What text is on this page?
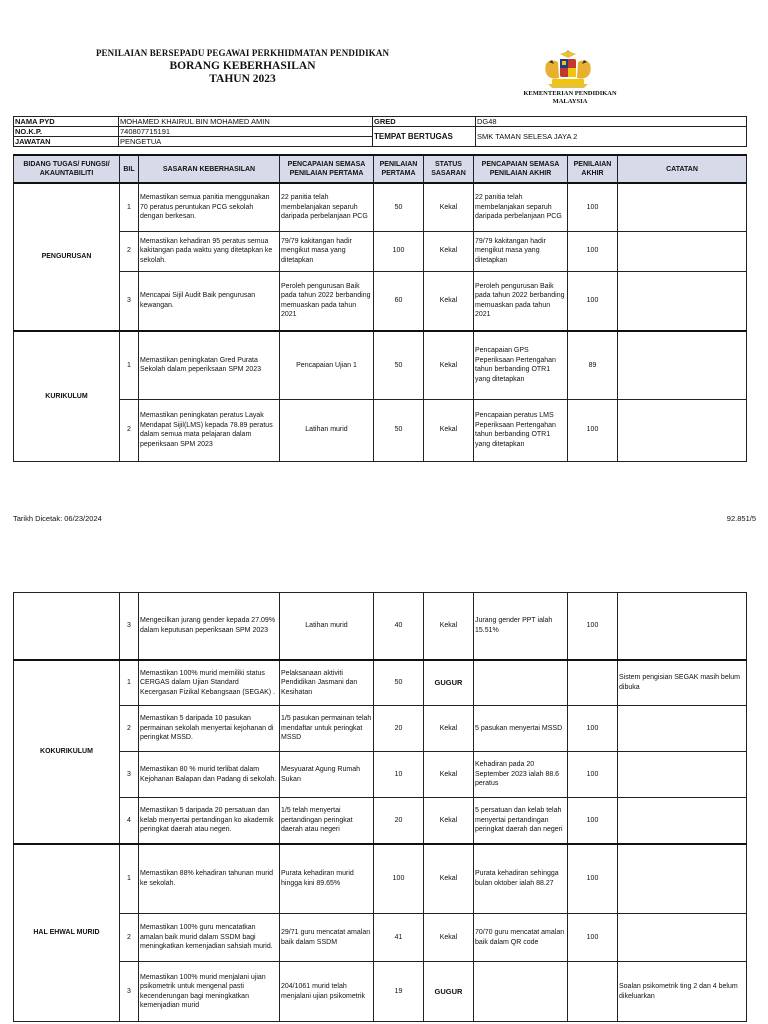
PENILAIAN BERSEPADU PEGAWAI PERKHIDMATAN PENDIDIKAN
BORANG KEBERHASILAN
TAHUN 2023
KEMENTERIAN PENDIDIKAN
MALAYSIA
NAMA PYD	MOHAMED KHAIRUL BIN MOHAMED AMIN	GRED	DG48
NO.K.P.	740807715191	TEMPAT BERTUGAS	SMK TAMAN SELESA JAYA 2
JAWATAN	PENGETUA		
BIDANG TUGAS/ FUNGSI/ AKAUNTABILITI	BIL	SASARAN KEBERHASILAN	PENCAPAIAN SEMASA PENILAIAN PERTAMA	PENILAIAN PERTAMA	STATUS SASARAN	PENCAPAIAN SEMASA PENILAIAN AKHIR	PENILAIAN AKHIR	CATATAN
PENGURUSAN	1	Memastikan semua panitia menggunakan 70 peratus peruntukan PCG sekolah dengan berkesan.	22 panitia telah membelanjakan separuh daripada perbelanjaan PCG	50	Kekal	22 panitia telah membelanjakan separuh daripada perbelanjaan PCG	100	
	2	Memastikan kehadiran 95 peratus semua kakitangan pada waktu yang ditetapkan ke sekolah.	79/79 kakitangan hadir mengikut masa yang ditetapkan	100	Kekal	79/79 kakitangan hadir mengikut masa yang ditetapkan	100	
	3	Mencapai Sijil Audit Baik pengurusan kewangan.	Peroleh pengurusan Baik pada tahun 2022 berbanding memuaskan pada tahun 2021	60	Kekal	Peroleh pengurusan Baik pada tahun 2022 berbanding memuaskan pada tahun 2021	100	
KURIKULUM	1	Memastikan peningkatan Gred Purata Sekolah dalam peperiksaan SPM 2023	Pencapaian Ujian 1	50	Kekal	Pencapaian GPS Peperiksaan Pertengahan tahun berbanding OTR1 yang ditetapkan	89	
	2	Memastikan peningkatan peratus Layak Mendapat Sijil(LMS) kepada 78.89 peratus dalam semua mata pelajaran dalam peperiksaan SPM 2023	Latihan murid	50	Kekal	Pencapaian peratus LMS Peperiksaan Pertengahan tahun berbanding OTR1 yang ditetapkan	100	
Tarikh Dicetak: 06/23/2024	92.851/5
	3	Mengecilkan jurang gender kepada 27.09% dalam keputusan peperiksaan SPM 2023	Latihan murid	40	Kekal	Jurang gender PPT ialah 15.51%	100	
KOKURIKULUM	1	Memastikan 100% murid memiliki status CERGAS dalam Ujian Standard Kecergasan Fizikal Kebangsaan (SEGAK) .	Pelaksanaan aktiviti Pendidikan Jasmani dan Kesihatan	50	GUGUR			Sistem pengisian SEGAK masih belum dibuka
	2	Memastikan 5 daripada 10 pasukan permainan sekolah menyertai kejohanan di peringkat MSSD.	1/5 pasukan permainan telah mendaftar untuk peringkat MSSD	20	Kekal	5 pasukan menyertai MSSD	100	
	3	Memastikan 80 % murid terlibat dalam Kejohanan Balapan dan Padang di sekolah.	Mesyuarat Agung Rumah Sukan	10	Kekal	Kehadiran pada 20 September 2023 ialah 88.6 peratus	100	
	4	Memastikan 5 daripada 20 persatuan dan kelab menyertai pertandingan ko akademik peringkat daerah atau negeri.	1/5 telah menyertai pertandingan peringkat daerah atau negeri	20	Kekal	5 persatuan dan kelab telah menyertai pertandingan peringkat daerah dan negeri	100	
HAL EHWAL MURID	1	Memastikan 88% kehadiran tahunan murid ke sekolah.	Purata kehadiran murid hingga kini 89.65%	100	Kekal	Purata kehadiran sehingga bulan oktober ialah 88.27	100	
	2	Memastikan 100% guru mencatatkan amalan baik murid dalam SSDM bagi meningkatkan kemenjadian sahsiah murid.	29/71 guru mencatat amalan baik dalam SSDM	41	Kekal	70/70 guru mencatat amalan baik dalam QR code	100	
	3	Memastikan 100% murid menjalani ujian psikometrik untuk mengenal pasti kecenderungan bagi meningkatkan kemenjadian murid	204/1061 murid telah menjalani ujian psikometrik	19	GUGUR			Soalan psikometrik ting 2 dan 4 belum dikeluarkan
